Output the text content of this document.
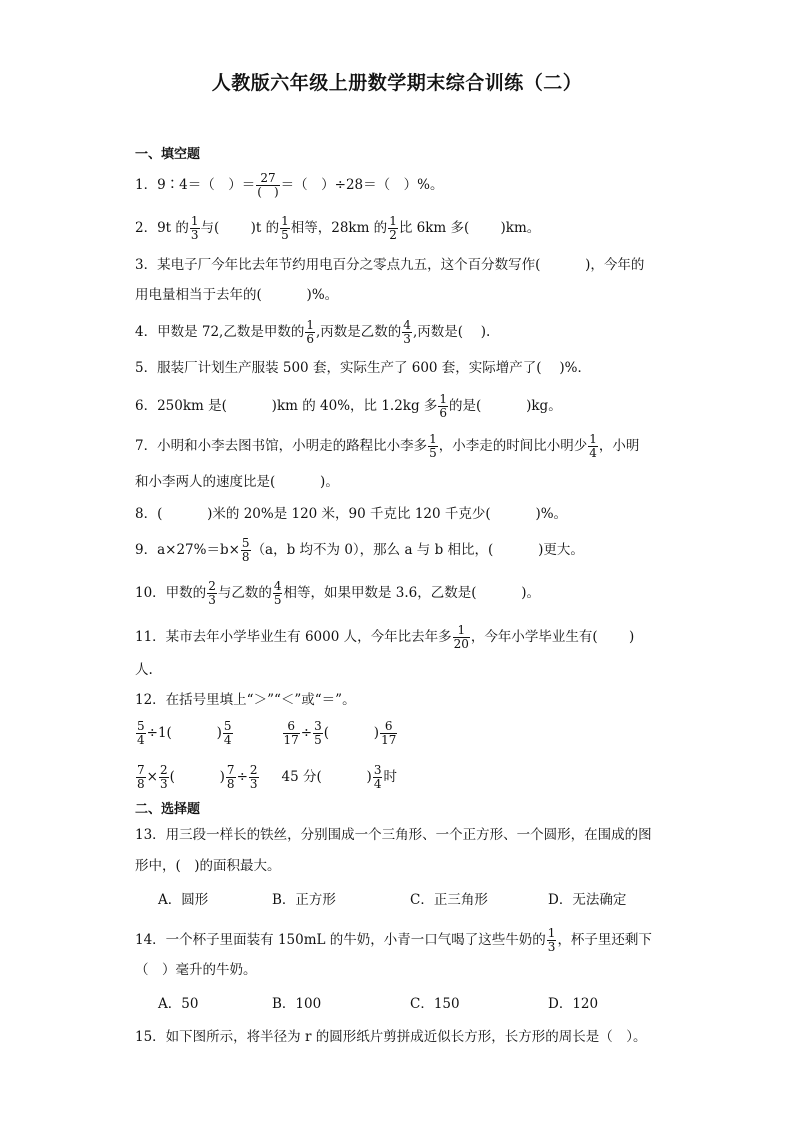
人教版六年级上册数学期末综合训练（二）
一、填空题
1．9∶4＝（　）＝ $\frac{27}{( )}$ ＝（　）÷28＝（　）%。
2．9t 的 $\frac{1}{3}$ 与(　　 )t 的 $\frac{1}{5}$ 相等，28km 的 $\frac{1}{2}$ 比 6km 多(　　 )km。
3．某电子厂今年比去年节约用电百分之零点九五，这个百分数写作(　　　 )，今年的
用电量相当于去年的(　　　 )%。
4．甲数是 72,乙数是甲数的 $\frac{1}{6}$ ,丙数是乙数的 $\frac{4}{3}$ ,丙数是(　 ).
5．服装厂计划生产服装 500 套，实际生产了 600 套，实际增产了(　 )%．
6．250km 是(　　　 )km 的 40%，比 1.2kg 多 $\frac{1}{6}$ 的是(　　　 )kg。
7．小明和小李去图书馆，小明走的路程比小李多 $\frac{1}{5}$ ，小李走的时间比小明少 $\frac{1}{4}$ ，小明
和小李两人的速度比是(　　　 )。
8．(　　　 )米的 20%是 120 米，90 千克比 120 千克少(　　　 )%。
9．$a\times 27\%=b\times \frac{5}{8} (a$，b 均不为 0），那么 a 与 b 相比，(　　　 )更大。
10．甲数的 $\frac{2}{3}$ 与乙数的 $\frac{4}{5}$ 相等，如果甲数是 3.6，乙数是(　　　 )。
11．某市去年小学毕业生有 6000 人，今年比去年多 $\frac{1}{20}$ ，今年小学毕业生有(　　 )
人.
12．在括号里填上“＞”“＜”或“＝”。
$\frac{5}{4} \div 1$(　　　 ) $\frac{5}{4}$	$\frac{6}{17} \div \frac{3}{5}$ (　　　 ) $\frac{6}{17}$
$\frac{7}{8} \times \frac{2}{3}$ (　　　 ) $\frac{7}{8} \div \frac{2}{3} 45$ 分(　　　 ) $\frac{3}{4}$ 时
二、选择题
13．用三段一样长的铁丝，分别围成一个三角形、一个正方形、一个圆形，在围成的图
形中，(　)的面积最大。
A．圆形	B．正方形	C．正三角形	D．无法确定
14．一个杯子里面装有 150mL 的牛奶，小青一口气喝了这些牛奶的 $\frac{1}{3}$ ，杯子里还剩下
（　）毫升的牛奶。
A．50	B．100	C．150	D．120
15．如下图所示，将半径为 r 的圆形纸片剪拼成近似长方形，长方形的周长是（　）。
